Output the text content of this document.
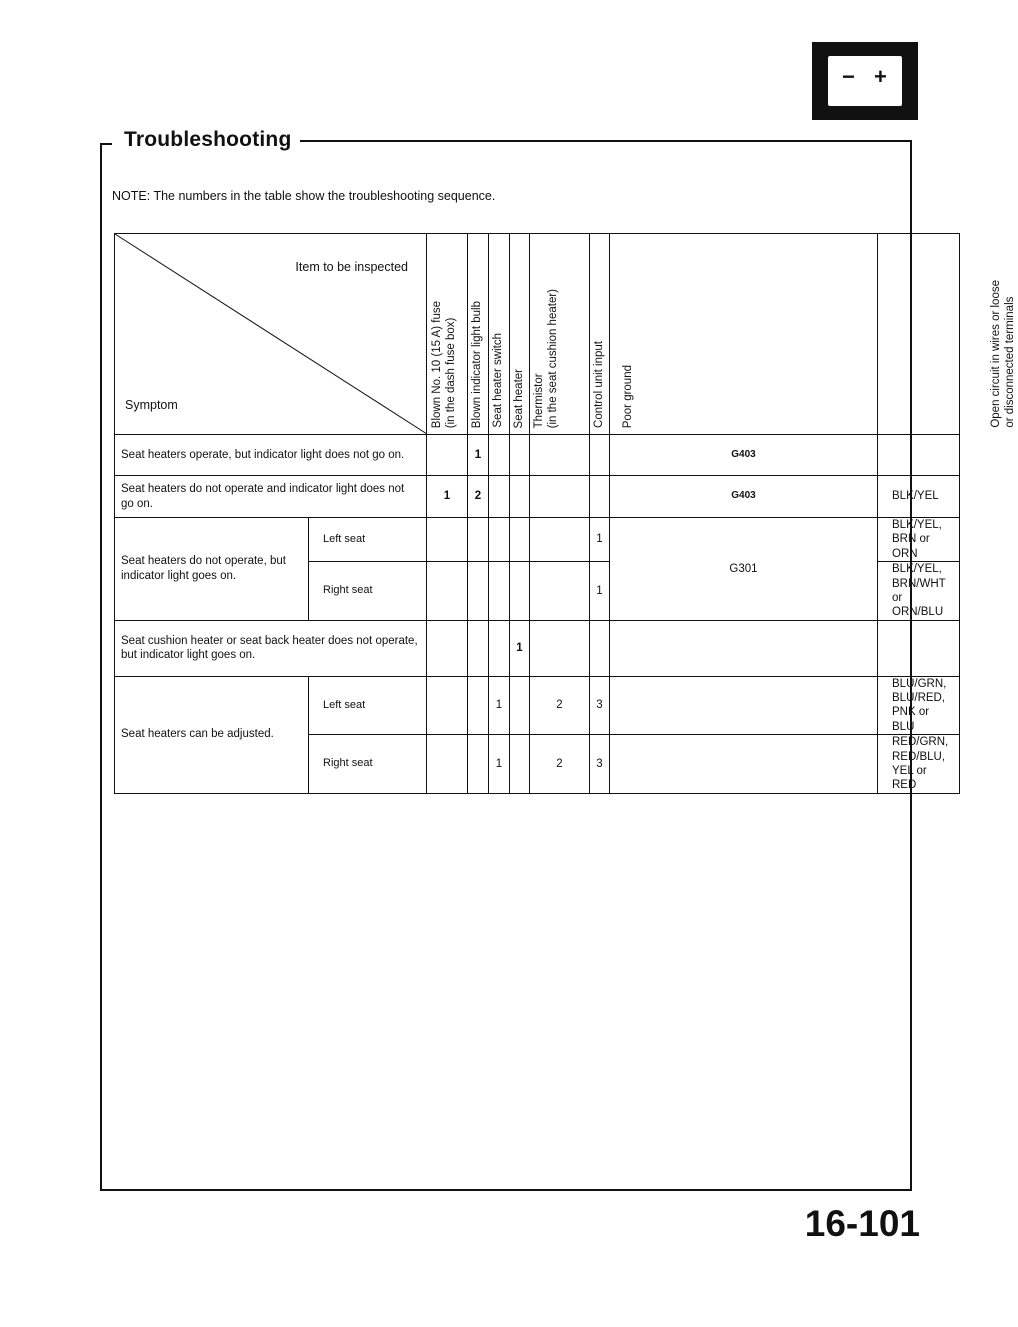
− +
Troubleshooting
NOTE: The numbers in the table show the troubleshooting sequence.
Item to be inspected
Symptom		Blown No. 10 (15 A) fuse
(in the dash fuse box)	Blown indicator light bulb	Seat heater switch	Seat heater	Thermistor
(in the seat cushion heater)	Control unit input	Poor ground	Open circuit in wires or loose
or disconnected terminals

Seat heaters operate, but indicator light does not go on.			1					G403	
Seat heaters do not operate and indicator light does not go on.		1	2					G403	BLK/YEL
Seat heaters do not operate, but indicator light goes on.	Left seat						1	G301	BLK/YEL, BRN or ORN
	Right seat						1		BLK/YEL, BRN/WHT or ORN/BLU
Seat cushion heater or seat back heater does not operate, but indicator light goes on.					1				
Seat heaters can be adjusted.	Left seat			1		2	3		BLU/GRN, BLU/RED, PNK or BLU
	Right seat			1		2	3		RED/GRN, RED/BLU, YEL or RED
16-101
